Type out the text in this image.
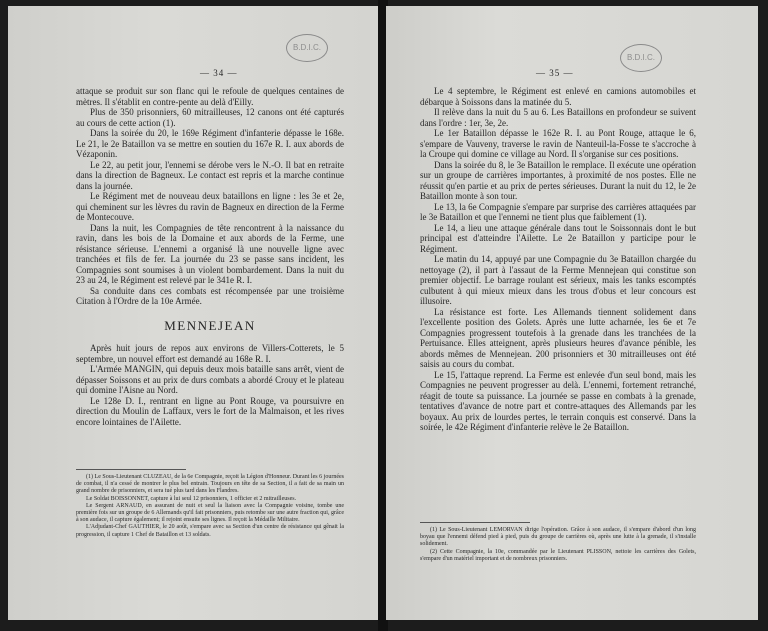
B.D.I.C.
— 34 —

attaque se produit sur son flanc qui le refoule de quelques centaines de mètres. Il s'établit en contre-pente au delà d'Eilly.

Plus de 350 prisonniers, 60 mitrailleuses, 12 canons ont été capturés au cours de cette action (1).

Dans la soirée du 20, le 169e Régiment d'infanterie dépasse le 168e. Le 21, le 2e Bataillon va se mettre en soutien du 167e R. I. aux abords de Vézaponin.

Le 22, au petit jour, l'ennemi se dérobe vers le N.-O. Il bat en retraite dans la direction de Bagneux. Le contact est repris et la marche continue dans la journée.

Le Régiment met de nouveau deux bataillons en ligne : les 3e et 2e, qui cheminent sur les lèvres du ravin de Bagneux en direction de la Ferme de Montecouve.

Dans la nuit, les Compagnies de tête rencontrent à la naissance du ravin, dans les bois de la Domaine et aux abords de la Ferme, une résistance sérieuse. L'ennemi a organisé là une nouvelle ligne avec tranchées et fils de fer. La journée du 23 se passe sans incident, les Compagnies sont soumises à un violent bombardement. Dans la nuit du 23 au 24, le Régiment est relevé par le 341e R. I.

Sa conduite dans ces combats est récompensée par une troisième Citation à l'Ordre de la 10e Armée.

MENNEJEAN

Après huit jours de repos aux environs de Villers-Cotterets, le 5 septembre, un nouvel effort est demandé au 168e R. I.

L'Armée MANGIN, qui depuis deux mois bataille sans arrêt, vient de dépasser Soissons et au prix de durs combats a abordé Crouy et le plateau qui domine l'Aisne au Nord.

Le 128e D. I., rentrant en ligne au Pont Rouge, va poursuivre en direction du Moulin de Laffaux, vers le fort de la Malmaison, et les rives encore lointaines de l'Ailette.

(1) Le Sous-Lieutenant CLUZEAU, de la 6e Compagnie, reçoit la Légion d'Honneur. Durant les 6 journées de combat, il n'a cessé de montrer le plus bel entrain. Toujours en tête de sa Section, il a fait de sa main un grand nombre de prisonniers, et sera tué plus tard dans les Flandres.

Le Soldat BOISSONNET, capture à lui seul 12 prisonniers, 1 officier et 2 mitrailleuses.

Le Sergent ARNAUD, en assurant de nuit et seul la liaison avec la Compagnie voisine, tombe une première fois sur un groupe de 6 Allemands qu'il fait prisonniers, puis retombe sur une autre fraction qui, grâce à son audace, il capture également; il rejoint ensuite ses lignes. Il reçoit la Médaille Militaire.

L'Adjudant-Chef GAUTHIER, le 20 août, s'empare avec sa Section d'un centre de résistance qui gênait la progression, il capture 1 Chef de Bataillon et 13 soldats.

B.D.I.C.
— 35 —

Le 4 septembre, le Régiment est enlevé en camions automobiles et débarque à Soissons dans la matinée du 5.

Il relève dans la nuit du 5 au 6. Les Bataillons en profondeur se suivent dans l'ordre : 1er, 3e, 2e.

Le 1er Bataillon dépasse le 162e R. I. au Pont Rouge, attaque le 6, s'empare de Vauveny, traverse le ravin de Nanteuil-la-Fosse te s'accroche à la Croupe qui domine ce village au Nord. Il s'organise sur ces positions.

Dans la soirée du 8, le 3e Bataillon le remplace. Il exécute une opération sur un groupe de carrières importantes, à proximité de nos postes. Elle ne réussit qu'en partie et au prix de pertes sérieuses. Durant la nuit du 12, le 2e Bataillon monte à son tour.

Le 13, la 6e Compagnie s'empare par surprise des carrières attaquées par le 3e Bataillon et que l'ennemi ne tient plus que faiblement (1).

Le 14, a lieu une attaque générale dans tout le Soissonnais dont le but principal est d'atteindre l'Ailette. Le 2e Bataillon y participe pour le Régiment.

Le matin du 14, appuyé par une Compagnie du 3e Bataillon chargée du nettoyage (2), il part à l'assaut de la Ferme Mennejean qui constitue son premier objectif. Le barrage roulant est sérieux, mais les tanks escomptés culbutent à qui mieux mieux dans les trous d'obus et leur concours est illusoire.

La résistance est forte. Les Allemands tiennent solidement dans l'excellente position des Golets. Après une lutte acharnée, les 6e et 7e Compagnies progressent toutefois à la grenade dans les tranchées de la Pertuisance. Elles atteignent, après plusieurs heures d'avance pénible, les abords mêmes de Mennejean. 200 prisonniers et 30 mitrailleuses ont été saisis au cours du combat.

Le 15, l'attaque reprend. La Ferme est enlevée d'un seul bond, mais les Compagnies ne peuvent progresser au delà. L'ennemi, fortement retranché, réagit de toute sa puissance. La journée se passe en combats à la grenade, tentatives d'avance de notre part et contre-attaques des Allemands par les boyaux. Au prix de lourdes pertes, le terrain conquis est conservé. Dans la soirée, le 42e Régiment d'infanterie relève le 2e Bataillon.

(1) Le Sous-Lieutenant LEMORVAN dirige l'opération. Grâce à son audace, il s'empare d'abord d'un long boyau que l'ennemi défend pied à pied, puis du groupe de carrières où, après une lutte à la grenade, il s'installe solidement.

(2) Cette Compagnie, la 10e, commandée par le Lieutenant PLISSON, nettoie les carrières des Golets, s'empare d'un matériel important et de nombreux prisonniers.
